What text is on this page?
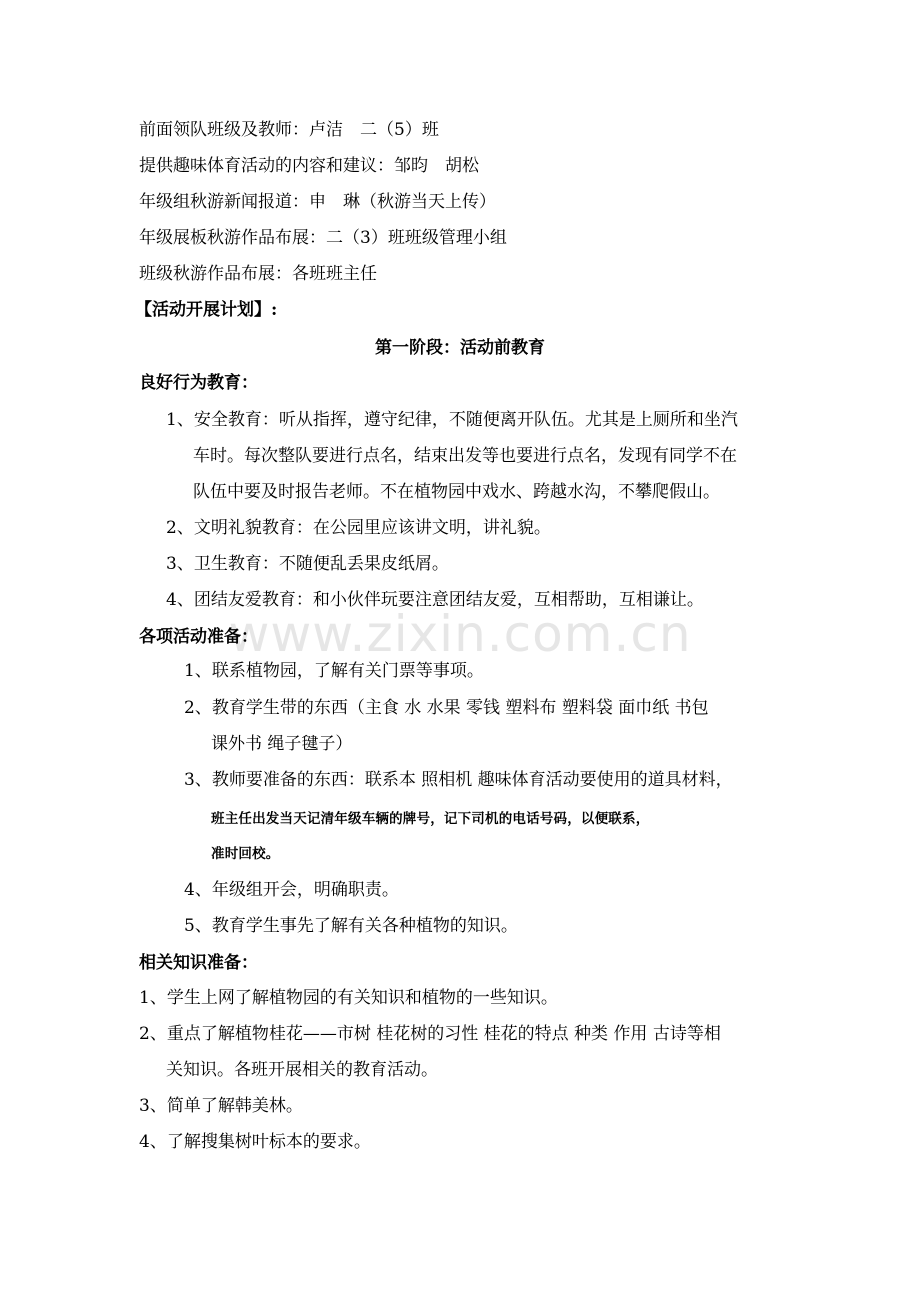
www.zixin.com.cn
前面领队班级及教师：卢洁　二（5）班
提供趣味体育活动的内容和建议：邹昀　胡松
年级组秋游新闻报道：申　琳（秋游当天上传）
年级展板秋游作品布展：二（3）班班级管理小组
班级秋游作品布展：各班班主任
【活动开展计划】:
第一阶段：活动前教育
良好行为教育：
1、安全教育：听从指挥，遵守纪律，不随便离开队伍。尤其是上厕所和坐汽
车时。每次整队要进行点名，结束出发等也要进行点名，发现有同学不在
队伍中要及时报告老师。不在植物园中戏水、跨越水沟，不攀爬假山。
2、文明礼貌教育：在公园里应该讲文明，讲礼貌。
3、卫生教育：不随便乱丢果皮纸屑。
4、团结友爱教育：和小伙伴玩要注意团结友爱，互相帮助，互相谦让。
各项活动准备：
1、联系植物园，了解有关门票等事项。
2、教育学生带的东西（主食 水 水果 零钱 塑料布 塑料袋 面巾纸 书包
课外书 绳子毽子）
3、教师要准备的东西：联系本 照相机 趣味体育活动要使用的道具材料，
班主任出发当天记清年级车辆的牌号，记下司机的电话号码，以便联系，
准时回校。
4、年级组开会，明确职责。
5、教育学生事先了解有关各种植物的知识。
相关知识准备：
1、学生上网了解植物园的有关知识和植物的一些知识。
2、重点了解植物桂花——市树 桂花树的习性 桂花的特点 种类 作用 古诗等相
关知识。各班开展相关的教育活动。
3、简单了解韩美林。
4、了解搜集树叶标本的要求。
